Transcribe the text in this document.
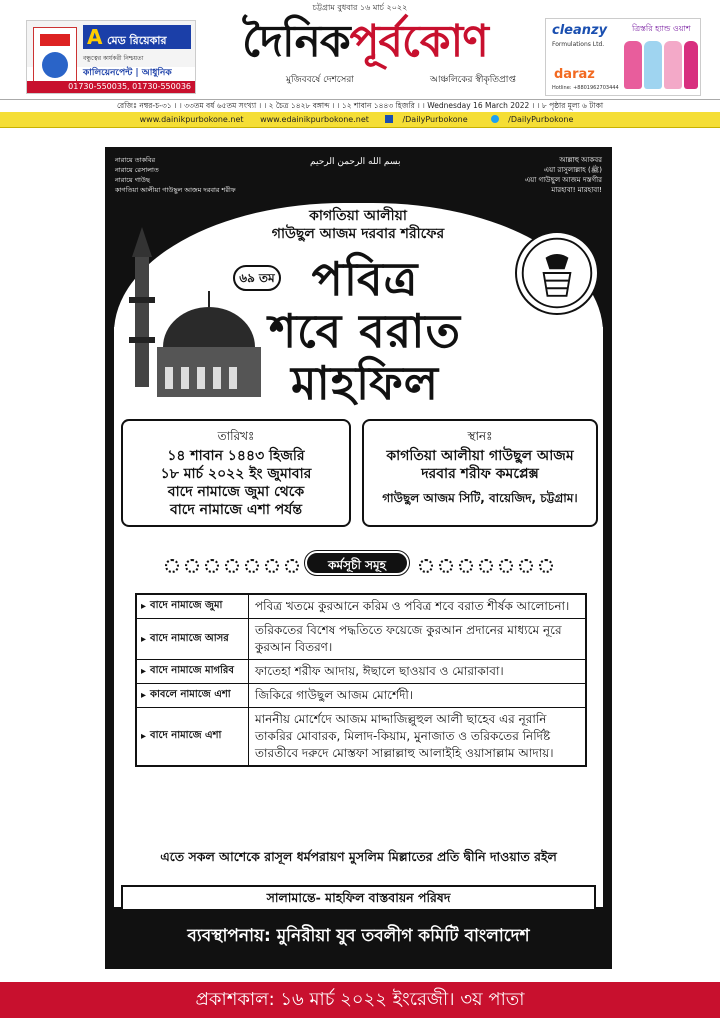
চট্টগ্রাম বুধবার ১৬ মার্চ ২০২২
A মেড রিয়েকার
বন্ধুত্বের কার্যকরী নিশ্চয়তা
কালিয়েনপেন্ট | আধুনিক
01730-550035, 01730-550036
দৈনিকপূর্বকোণ
মুজিববর্ষে দেশসেরা	আঞ্চলিকের স্বীকৃতিপ্রাপ্ত
cleanzy
Formulations Ltd.
ত্রিস্তরি হ্যান্ড ওয়াশ
daraz
Hotline: +8801962703444
রেজিঃ নম্বর-চ-৩১ । । ৩৩তম বর্ষ ৬৫তম সংখ্যা । । ২ চৈত্র ১৪২৮ বঙ্গাব্দ । । ১২ শাবান ১৪৪৩ হিজরি । । Wednesday 16 March 2022 । । ৮ পৃষ্ঠার মূল্য ৬ টাকা
www.dainikpurbokone.net www.edainikpurbokone.net	/DailyPurbokone	/DailyPurbokone
নারায়ে তাকবির
নারায়ে রেসালাত
নারায়ে গাউছ
কাগতিয়া আলীয়া গাউছুল আজম দরবার শরীফ
بسم الله الرحمن الرحيم	আল্লাহু আকবর
এয়া রাসুলাল্লাহ (ﷺ)
এয়া গাউছুল আজম দস্তগীর
মারহাবা! মারহাবা!
কাগতিয়া আলীয়া
গাউছুল আজম দরবার শরীফের
৬৯ তম পবিত্র
শবে বরাত
মাহফিল
তারিখঃ
১৪ শাবান ১৪৪৩ হিজরি
১৮ মার্চ ২০২২ ইং জুমাবার
বাদে নামাজে জুমা থেকে
বাদে নামাজে এশা পর্যন্ত
স্থানঃ
কাগতিয়া আলীয়া গাউছুল আজম
দরবার শরীফ কমপ্লেক্স
গাউছুল আজম সিটি, বায়েজিদ, চট্টগ্রাম।
কর্মসূচী সমূহ
▸ বাদে নামাজে জুমা	পবিত্র খতমে কুরআনে করিম ও পবিত্র শবে বরাত শীর্ষক আলোচনা।
▸ বাদে নামাজে আসর
তরিকতের বিশেষ পদ্ধতিতে ফয়েজে কুরআন প্রদানের মাধ্যমে নূরে কুরআন বিতরণ।
▸ বাদে নামাজে মাগরিব	ফাতেহা শরীফ আদায়, ঈছালে ছাওয়াব ও মোরাকাবা।
▸ কাবলে নামাজে এশা	জিকিরে গাউছুল আজম মোর্শেদী।
▸ বাদে নামাজে এশা
মাননীয় মোর্শেদে আজম মাদ্দাজিল্লুহুল আলী ছাহেব এর নূরানি তাকরির মোবারক, মিলাদ-কিয়াম, মুনাজাত ও তরিকতের নির্দিষ্ট তারতীবে দরুদে মোস্তফা সাল্লাল্লাহু আলাইহি ওয়াসাল্লাম আদায়।
এতে সকল আশেকে রাসূল ধর্মপরায়ণ মুসলিম মিল্লাতের প্রতি দ্বীনি দাওয়াত রইল
সালামান্তে- মাহফিল বাস্তবায়ন পরিষদ
ব্যবস্থাপনায়: মুনিরীয়া যুব তবলীগ কমিটি বাংলাদেশ
প্রকাশকাল: ১৬ মার্চ ২০২২ ইংরেজী। ৩য় পাতা
